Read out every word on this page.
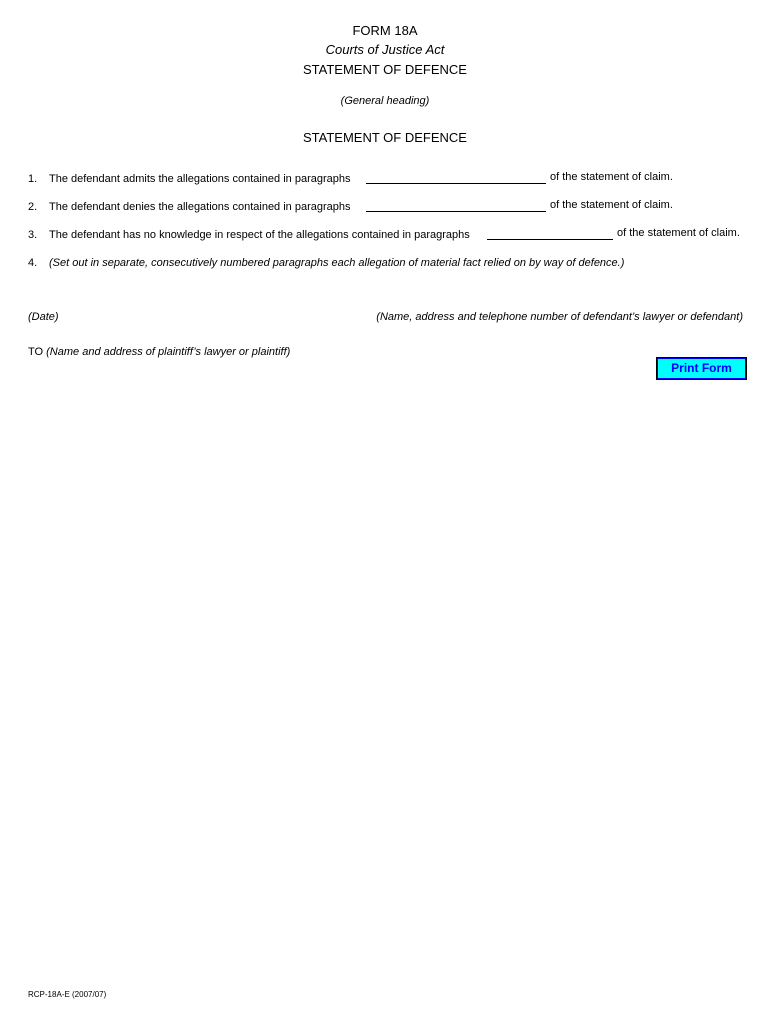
FORM 18A
Courts of Justice Act
STATEMENT OF DEFENCE
(General heading)
STATEMENT OF DEFENCE
1. The defendant admits the allegations contained in paragraphs	of the statement of claim.
2. The defendant denies the allegations contained in paragraphs	of the statement of claim.
3. The defendant has no knowledge in respect of the allegations contained in paragraphs	of the statement of claim.
4. (Set out in separate, consecutively numbered paragraphs each allegation of material fact relied on by way of defence.)
(Date)	(Name, address and telephone number of defendant’s lawyer or defendant)
TO (Name and address of plaintiff’s lawyer or plaintiff)
Print Form
RCP-18A-E (2007/07)
